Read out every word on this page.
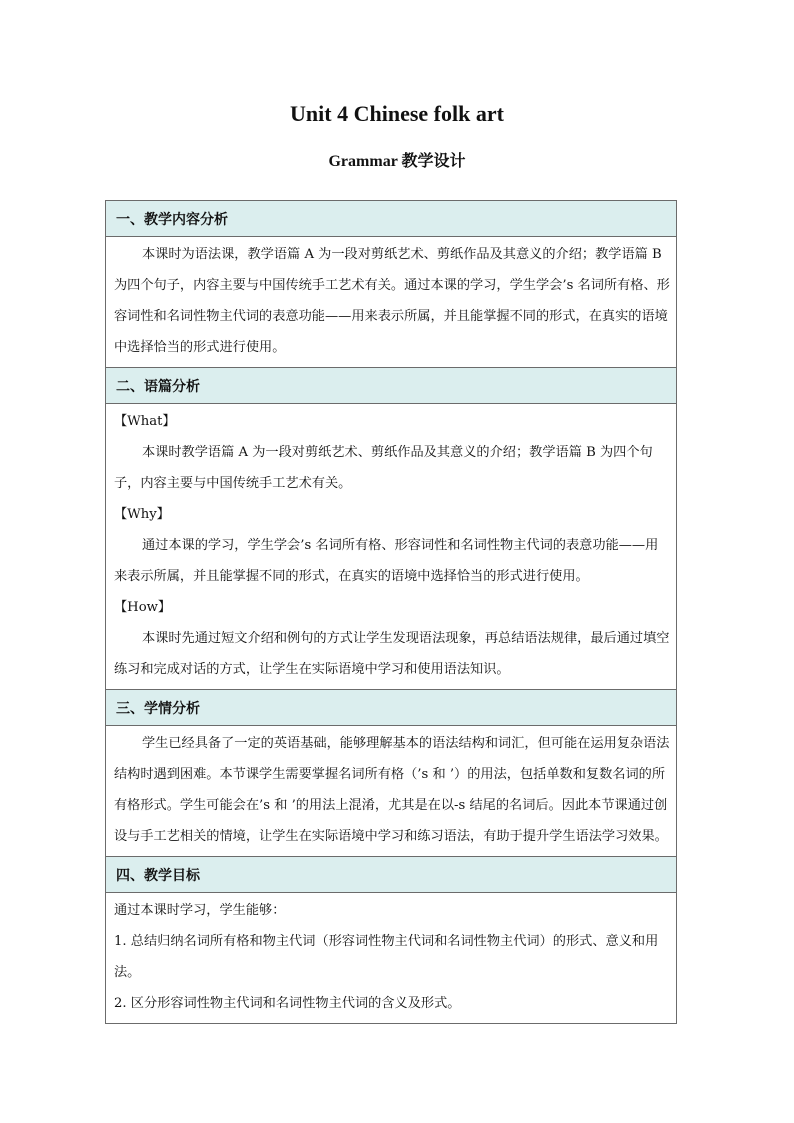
Unit 4 Chinese folk art
Grammar 教学设计
一、教学内容分析

本课时为语法课，教学语篇 A 为一段对剪纸艺术、剪纸作品及其意义的介绍；教学语篇 B 为四个句子，内容主要与中国传统手工艺术有关。通过本课的学习，学生学会’s 名词所有格、形容词性和名词性物主代词的表意功能——用来表示所属，并且能掌握不同的形式，在真实的语境中选择恰当的形式进行使用。

二、语篇分析

【What】

本课时教学语篇 A 为一段对剪纸艺术、剪纸作品及其意义的介绍；教学语篇 B 为四个句子，内容主要与中国传统手工艺术有关。

【Why】

通过本课的学习，学生学会’s 名词所有格、形容词性和名词性物主代词的表意功能——用来表示所属，并且能掌握不同的形式，在真实的语境中选择恰当的形式进行使用。

【How】

本课时先通过短文介绍和例句的方式让学生发现语法现象，再总结语法规律，最后通过填空练习和完成对话的方式，让学生在实际语境中学习和使用语法知识。

三、学情分析

学生已经具备了一定的英语基础，能够理解基本的语法结构和词汇，但可能在运用复杂语法结构时遇到困难。本节课学生需要掌握名词所有格（’s 和 ’）的用法，包括单数和复数名词的所有格形式。学生可能会在’s 和 ’的用法上混淆，尤其是在以-s 结尾的名词后。因此本节课通过创设与手工艺相关的情境，让学生在实际语境中学习和练习语法，有助于提升学生语法学习效果。

四、教学目标

通过本课时学习，学生能够：

1. 总结归纳名词所有格和物主代词（形容词性物主代词和名词性物主代词）的形式、意义和用法。

2. 区分形容词性物主代词和名词性物主代词的含义及形式。
